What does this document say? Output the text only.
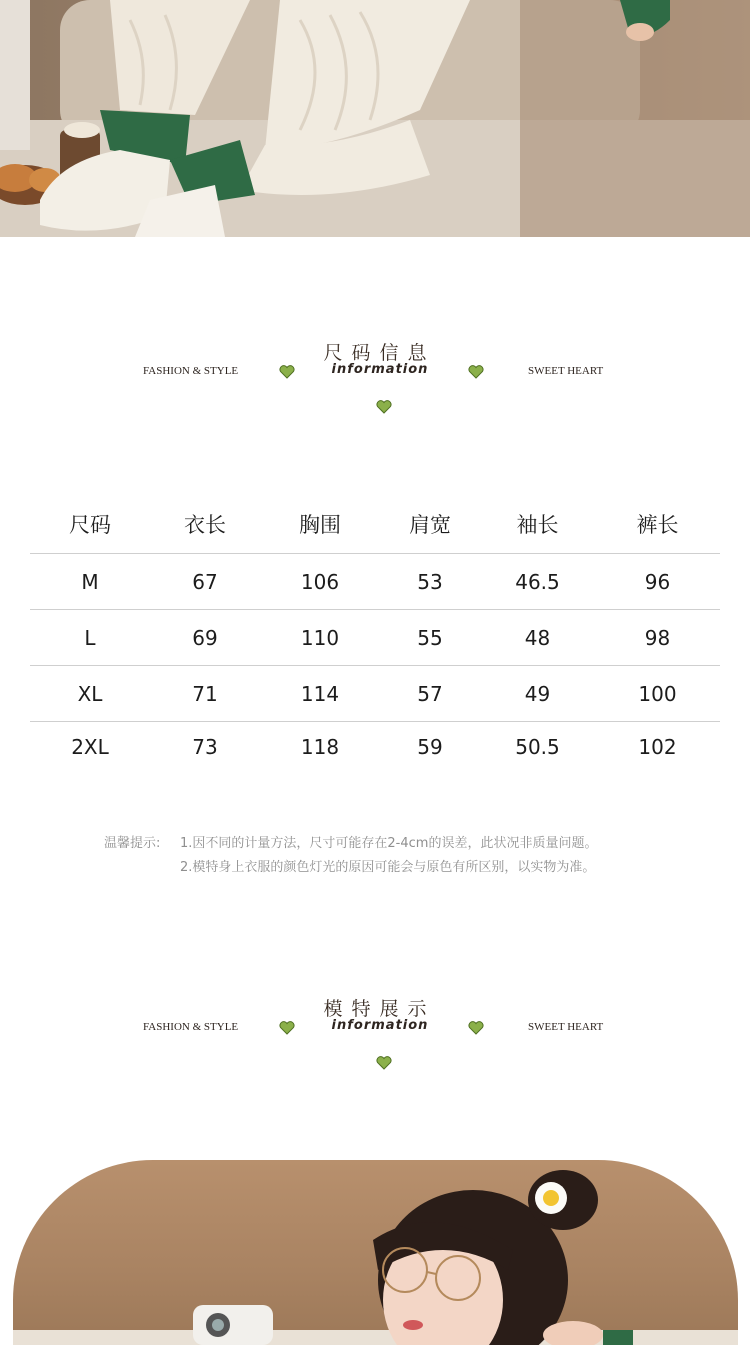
尺码信息
FASHION & STYLE	information	SWEET HEART
尺码	衣长	胸围	肩宽	袖长	裤长
M	67	106	53	46.5	96
L	69	110	55	48	98
XL	71	114	57	49	100
2XL	73	118	59	50.5	102
温馨提示: 1.因不同的计量方法，尺寸可能存在2-4cm的误差，此状况非质量问题。
2.模特身上衣服的颜色灯光的原因可能会与原色有所区别，以实物为准。
模特展示
FASHION & STYLE	information	SWEET HEART
